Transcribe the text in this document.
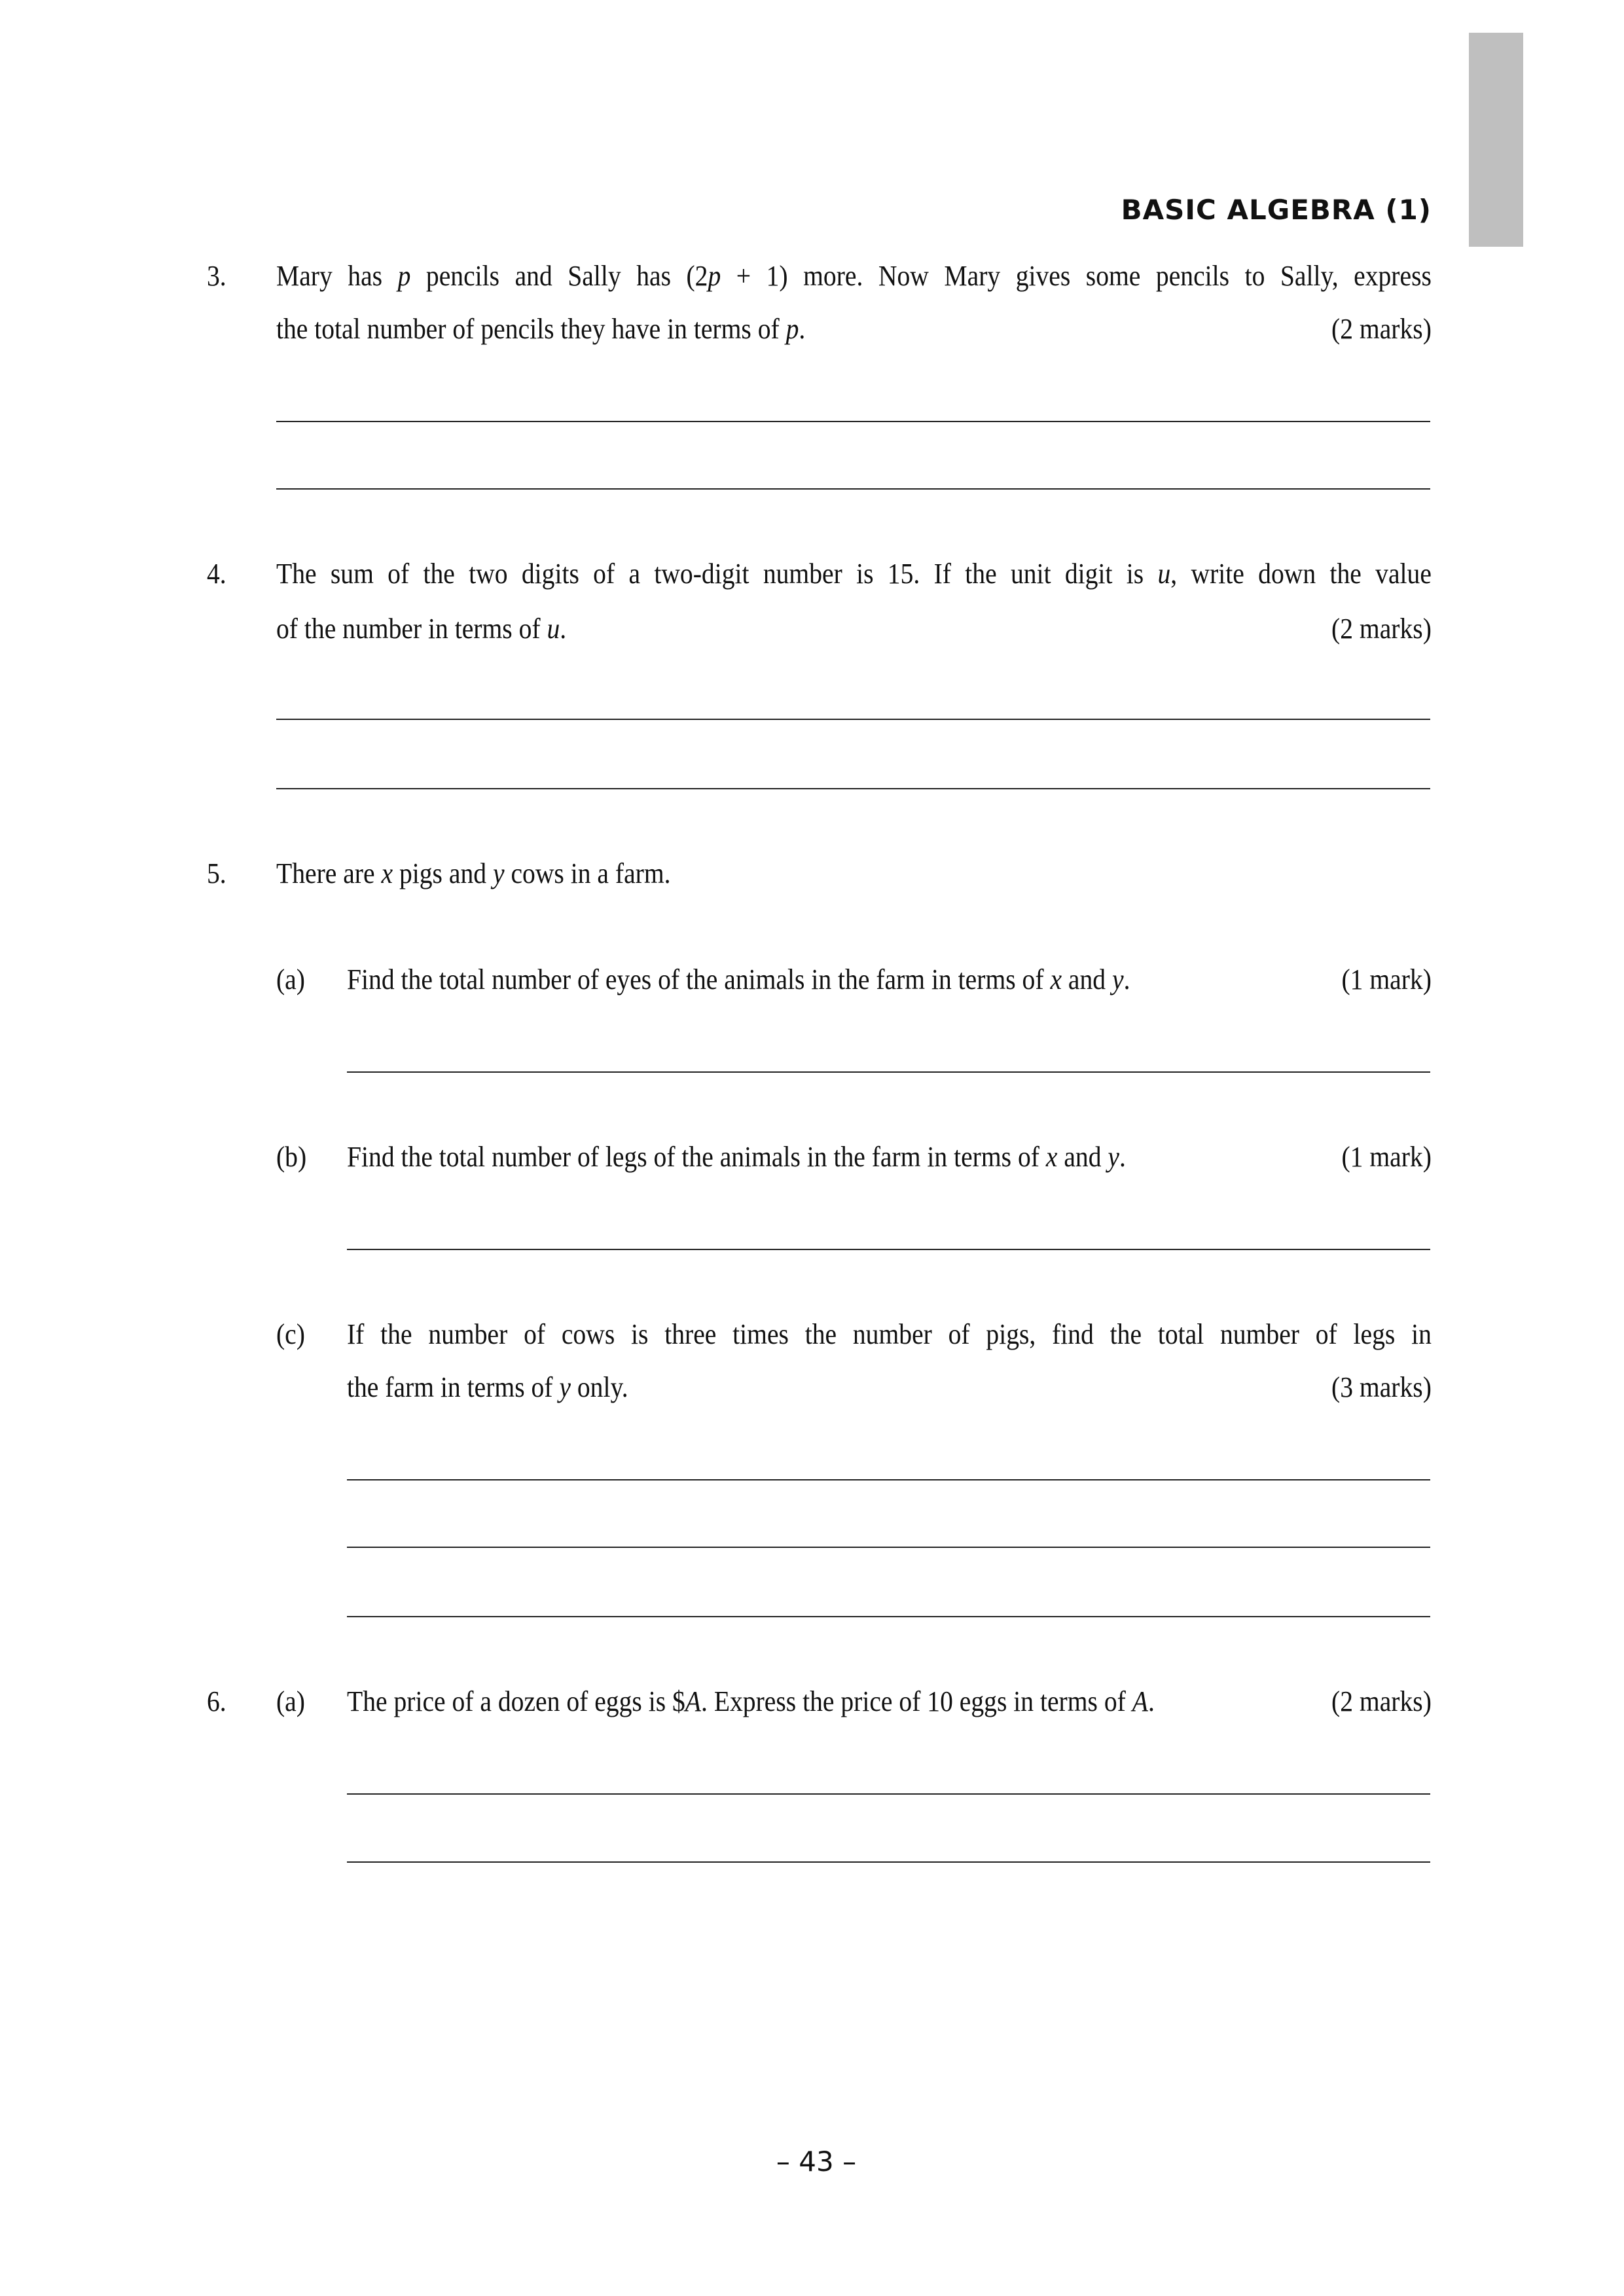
BASIC ALGEBRA (1)
3. Mary has p pencils and Sally has (2p + 1) more. Now Mary gives some pencils to Sally, express
the total number of pencils they have in terms of p.	(2 marks)
4. The sum of the two digits of a two-digit number is 15. If the unit digit is u, write down the value
of the number in terms of u.	(2 marks)
5. There are x pigs and y cows in a farm.
(a) Find the total number of eyes of the animals in the farm in terms of x and y.	(1 mark)
(b) Find the total number of legs of the animals in the farm in terms of x and y.	(1 mark)
(c) If the number of cows is three times the number of pigs, find the total number of legs in
the farm in terms of y only.	(3 marks)
6. (a) The price of a dozen of eggs is $A. Express the price of 10 eggs in terms of A.	(2 marks)
– 43 –
